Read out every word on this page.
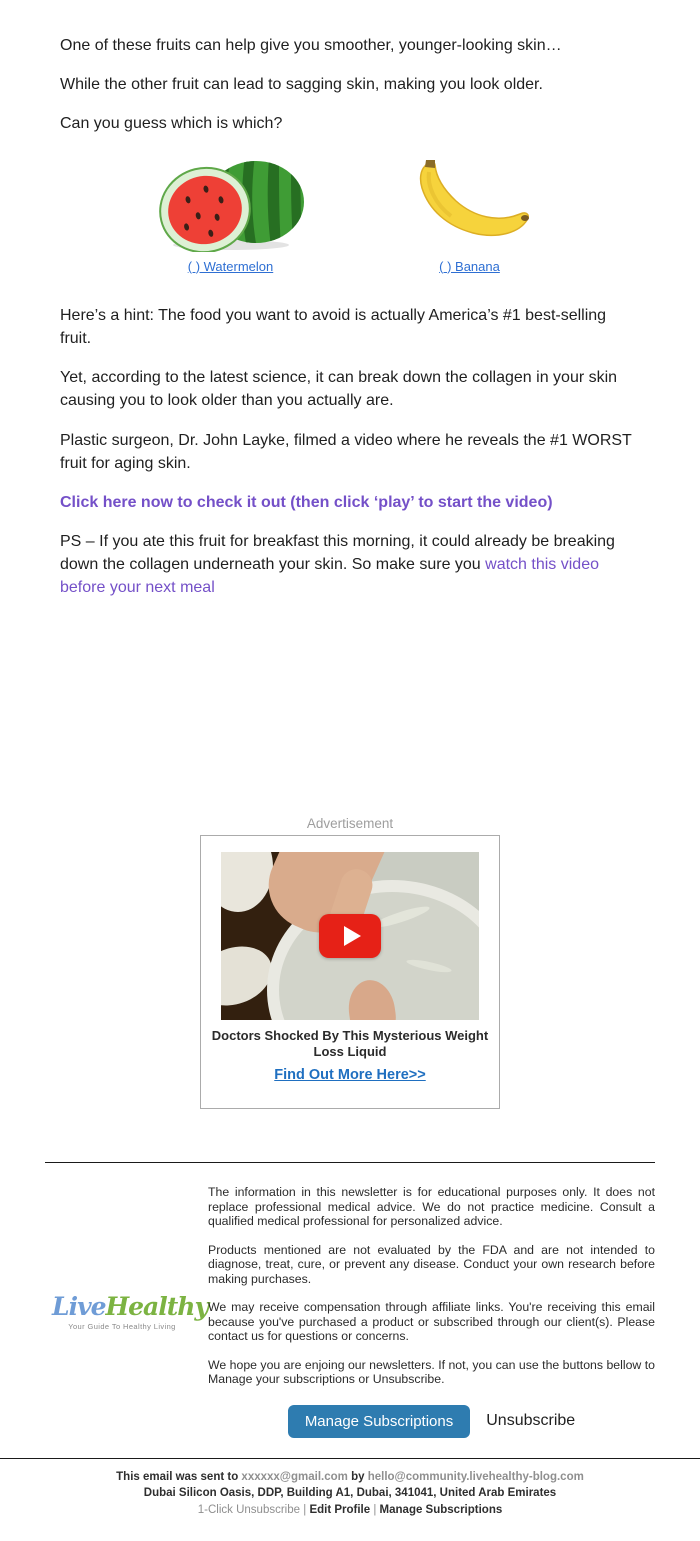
One of these fruits can help give you smoother, younger-looking skin…

While the other fruit can lead to sagging skin, making you look older.

Can you guess which is which?

( ) Watermelon	( ) Banana

Here’s a hint: The food you want to avoid is actually America’s #1 best-selling fruit.

Yet, according to the latest science, it can break down the collagen in your skin causing you to look older than you actually are.

Plastic surgeon, Dr. John Layke, filmed a video where he reveals the #1 WORST fruit for aging skin.

Click here now to check it out (then click ‘play’ to start the video)

PS – If you ate this fruit for breakfast this morning, it could already be breaking down the collagen underneath your skin. So make sure you watch this video before your next meal

Advertisement
Doctors Shocked By This Mysterious Weight
Loss Liquid
Find Out More Here>>
LiveHealthy
Your Guide To Healthy Living

The information in this newsletter is for educational purposes only. It does not replace professional medical advice. We do not practice medicine. Consult a qualified medical professional for personalized advice.

Products mentioned are not evaluated by the FDA and are not intended to diagnose, treat, cure, or prevent any disease. Conduct your own research before making purchases.

We may receive compensation through affiliate links. You're receiving this email because you've purchased a product or subscribed through our client(s). Please contact us for questions or concerns.

We hope you are enjoing our newsletters. If not, you can use the buttons bellow to Manage your subscriptions or Unsubscribe.

Manage Subscriptions	Unsubscribe
This email was sent to xxxxxx@gmail.com by hello@community.livehealthy-blog.com
Dubai Silicon Oasis, DDP, Building A1, Dubai, 341041, United Arab Emirates
1-Click Unsubscribe | Edit Profile | Manage Subscriptions
